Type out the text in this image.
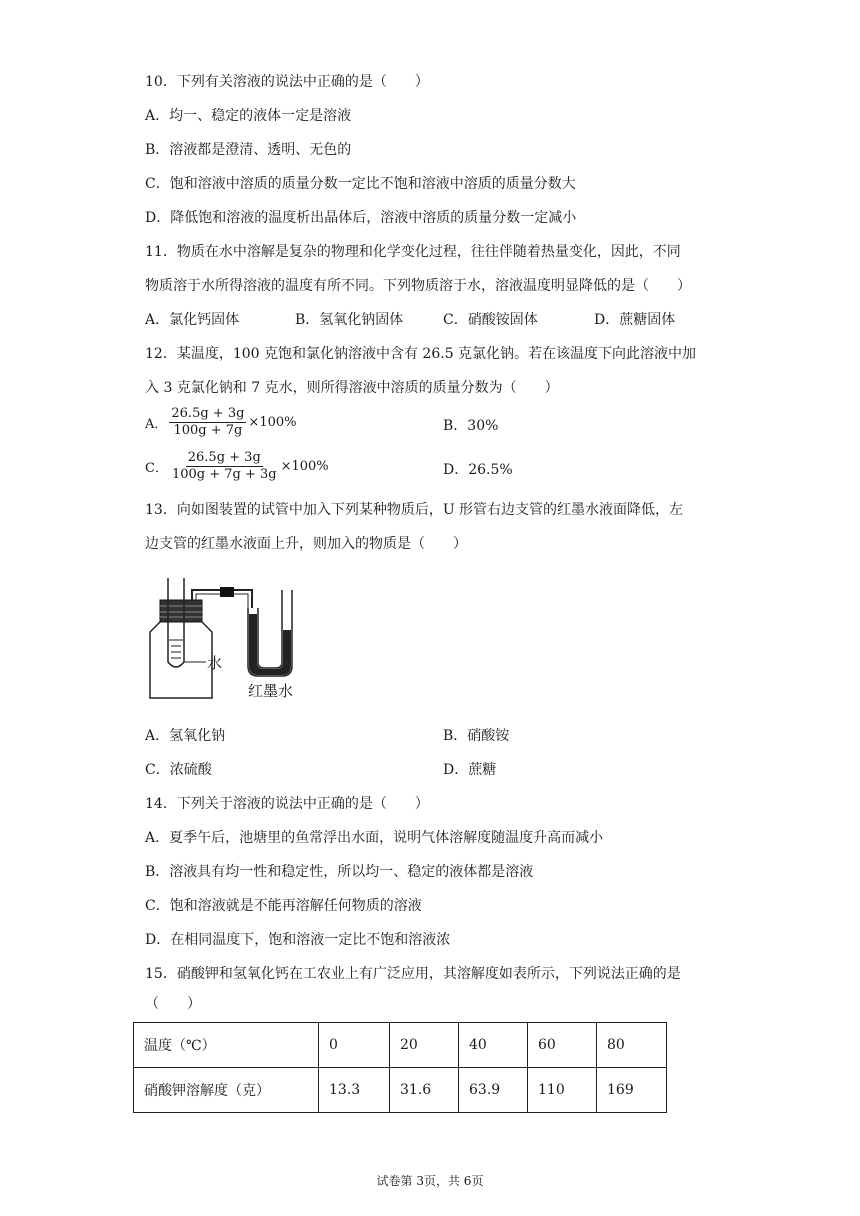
10．下列有关溶液的说法中正确的是（　　）
A．均一、稳定的液体一定是溶液
B．溶液都是澄清、透明、无色的
C．饱和溶液中溶质的质量分数一定比不饱和溶液中溶质的质量分数大
D．降低饱和溶液的温度析出晶体后，溶液中溶质的质量分数一定减小
11．物质在水中溶解是复杂的物理和化学变化过程，往往伴随着热量变化，因此，不同
物质溶于水所得溶液的温度有所不同。下列物质溶于水，溶液温度明显降低的是（　　）
A．氯化钙固体	B．氢氧化钠固体	C．硝酸铵固体	D．蔗糖固体
12．某温度，100 克饱和氯化钠溶液中含有 26.5 克氯化钠。若在该温度下向此溶液中加
入 3 克氯化钠和 7 克水，则所得溶液中溶质的质量分数为（　　）
A． $\frac{26.5g + 3g}{100g + 7g} \times 100\%$	B．30%
C． $\frac{26.5g + 3g}{100g + 7g + 3g} \times 100\%$	D．26.5%
13．向如图装置的试管中加入下列某种物质后，U 形管右边支管的红墨水液面降低，左
边支管的红墨水液面上升，则加入的物质是（　　）
水
红墨水
A．氢氧化钠	B．硝酸铵
C．浓硫酸	D．蔗糖
14．下列关于溶液的说法中正确的是（　　）
A．夏季午后，池塘里的鱼常浮出水面，说明气体溶解度随温度升高而减小
B．溶液具有均一性和稳定性，所以均一、稳定的液体都是溶液
C．饱和溶液就是不能再溶解任何物质的溶液
D．在相同温度下，饱和溶液一定比不饱和溶液浓
15．硝酸钾和氢氧化钙在工农业上有广泛应用，其溶解度如表所示，下列说法正确的是
（　　）
温度（℃）	0	20	40	60	80
硝酸钾溶解度（克）	13.3	31.6	63.9	110	169
试卷第 3页，共 6页
